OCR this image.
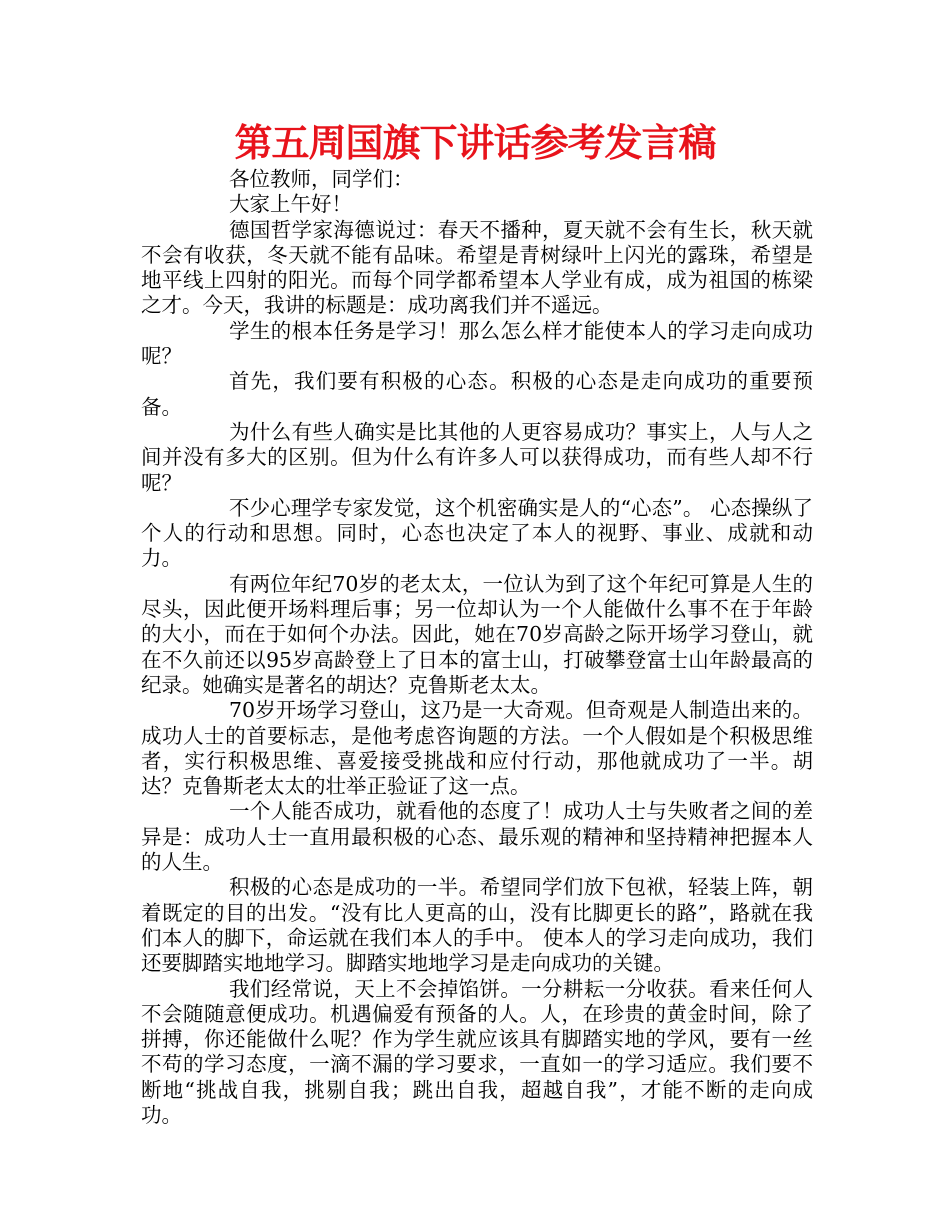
第五周国旗下讲话参考发言稿

各位教师，同学们：

大家上午好！

德国哲学家海德说过：春天不播种，夏天就不会有生长，秋天就不会有收获，冬天就不能有品味。希望是青树绿叶上闪光的露珠，希望是地平线上四射的阳光。而每个同学都希望本人学业有成，成为祖国的栋梁之才。今天，我讲的标题是：成功离我们并不遥远。

学生的根本任务是学习！那么怎么样才能使本人的学习走向成功呢？

首先，我们要有积极的心态。积极的心态是走向成功的重要预备。

为什么有些人确实是比其他的人更容易成功？事实上，人与人之间并没有多大的区别。但为什么有许多人可以获得成功，而有些人却不行呢？

不少心理学专家发觉，这个机密确实是人的“心态”。 心态操纵了个人的行动和思想。同时，心态也决定了本人的视野、事业、成就和动力。

有两位年纪70岁的老太太，一位认为到了这个年纪可算是人生的尽头，因此便开场料理后事；另一位却认为一个人能做什么事不在于年龄的大小，而在于如何个办法。因此，她在70岁高龄之际开场学习登山，就在不久前还以95岁高龄登上了日本的富士山，打破攀登富士山年龄最高的纪录。她确实是著名的胡达？克鲁斯老太太。

70岁开场学习登山，这乃是一大奇观。但奇观是人制造出来的。成功人士的首要标志，是他考虑咨询题的方法。一个人假如是个积极思维者，实行积极思维、喜爱接受挑战和应付行动，那他就成功了一半。胡达？克鲁斯老太太的壮举正验证了这一点。

一个人能否成功，就看他的态度了！成功人士与失败者之间的差异是：成功人士一直用最积极的心态、最乐观的精神和坚持精神把握本人的人生。

积极的心态是成功的一半。希望同学们放下包袱，轻装上阵，朝着既定的目的出发。“没有比人更高的山，没有比脚更长的路”，路就在我们本人的脚下，命运就在我们本人的手中。 使本人的学习走向成功，我们还要脚踏实地地学习。脚踏实地地学习是走向成功的关键。

我们经常说，天上不会掉馅饼。一分耕耘一分收获。看来任何人不会随随意便成功。机遇偏爱有预备的人。人，在珍贵的黄金时间，除了拼搏，你还能做什么呢？作为学生就应该具有脚踏实地的学风，要有一丝不苟的学习态度，一滴不漏的学习要求，一直如一的学习适应。我们要不断地“挑战自我，挑剔自我；跳出自我，超越自我”，才能不断的走向成功。
